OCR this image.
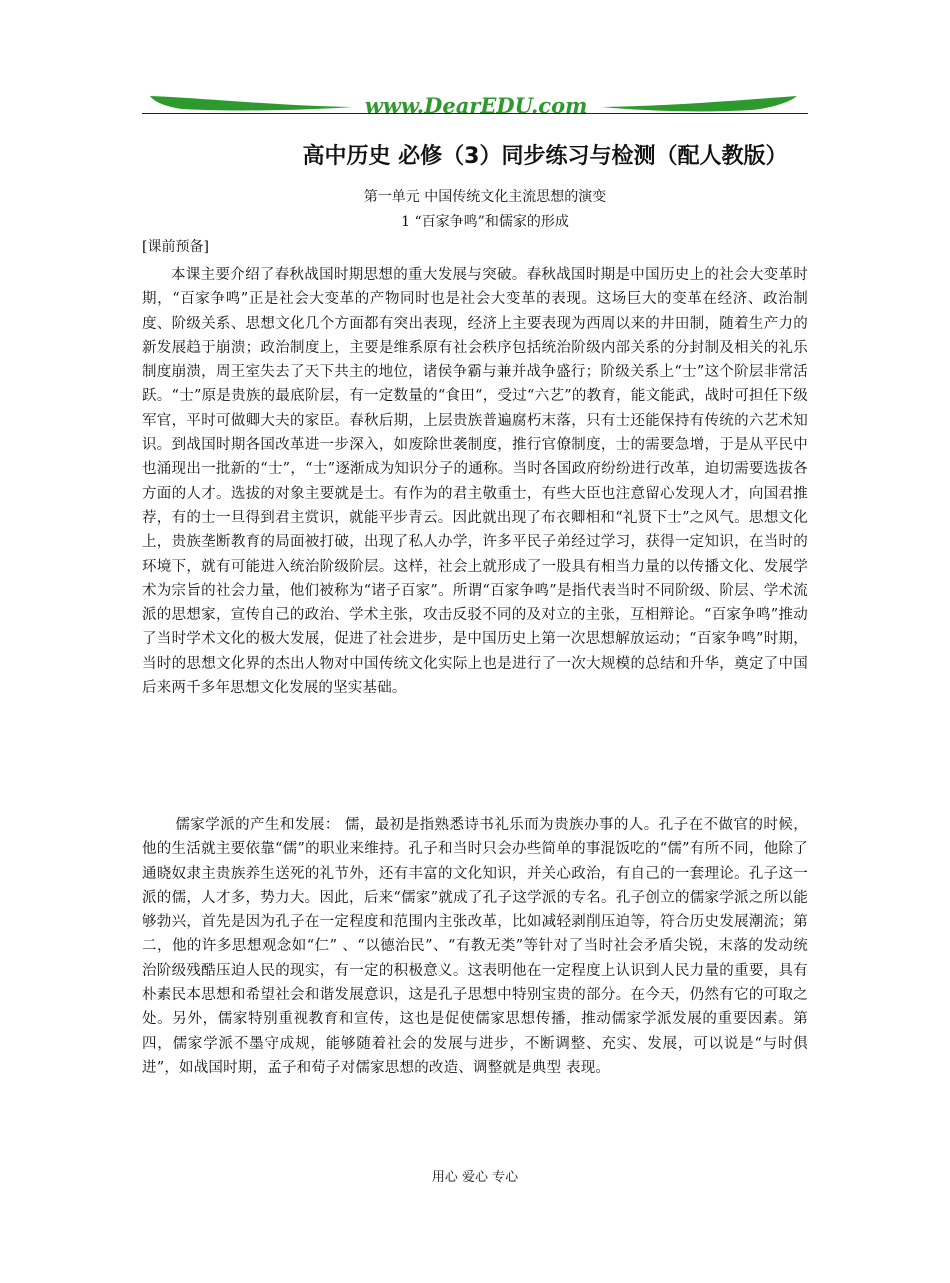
www.DearEDU.com
高中历史 必修（3）同步练习与检测（配人教版）
第一单元 中国传统文化主流思想的演变
1 “百家争鸣”和儒家的形成
[课前预备]

本课主要介绍了春秋战国时期思想的重大发展与突破。春秋战国时期是中国历史上的社会大变革时期，“百家争鸣”正是社会大变革的产物同时也是社会大变革的表现。这场巨大的变革在经济、政治制度、阶级关系、思想文化几个方面都有突出表现，经济上主要表现为西周以来的井田制，随着生产力的新发展趋于崩溃；政治制度上，主要是维系原有社会秩序包括统治阶级内部关系的分封制及相关的礼乐制度崩溃，周王室失去了天下共主的地位，诸侯争霸与兼并战争盛行；阶级关系上“士”这个阶层非常活跃。“士”原是贵族的最底阶层，有一定数量的“食田“，受过“六艺”的教育，能文能武，战时可担任下级军官，平时可做卿大夫的家臣。春秋后期，上层贵族普遍腐朽末落，只有士还能保持有传统的六艺术知识。到战国时期各国改革进一步深入，如废除世袭制度，推行官僚制度，士的需要急增，于是从平民中也涌现出一批新的“士”，“士”逐渐成为知识分子的通称。当时各国政府纷纷进行改革，迫切需要选拔各方面的人才。选拔的对象主要就是士。有作为的君主敬重士，有些大臣也注意留心发现人才，向国君推荐，有的士一旦得到君主赏识，就能平步青云。因此就出现了布衣卿相和“礼贤下士”之风气。思想文化上，贵族垄断教育的局面被打破，出现了私人办学，许多平民子弟经过学习，获得一定知识，在当时的环境下，就有可能进入统治阶级阶层。这样，社会上就形成了一股具有相当力量的以传播文化、发展学术为宗旨的社会力量，他们被称为“诸子百家”。所谓“百家争鸣”是指代表当时不同阶级、阶层、学术流派的思想家，宣传自己的政治、学术主张，攻击反驳不同的及对立的主张，互相辩论。“百家争鸣”推动了当时学术文化的极大发展，促进了社会进步，是中国历史上第一次思想解放运动；“百家争鸣”时期，当时的思想文化界的杰出人物对中国传统文化实际上也是进行了一次大规模的总结和升华，奠定了中国后来两千多年思想文化发展的坚实基础。

儒家学派的产生和发展： 儒，最初是指熟悉诗书礼乐而为贵族办事的人。孔子在不做官的时候，他的生活就主要依靠“儒”的职业来维持。孔子和当时只会办些简单的事混饭吃的“儒”有所不同，他除了通晓奴隶主贵族养生送死的礼节外，还有丰富的文化知识，并关心政治，有自己的一套理论。孔子这一派的儒，人才多，势力大。因此，后来“儒家”就成了孔子这学派的专名。孔子创立的儒家学派之所以能够勃兴，首先是因为孔子在一定程度和范围内主张改革，比如减轻剥削压迫等，符合历史发展潮流；第二，他的许多思想观念如“仁” 、“以德治民”、“有教无类”等针对了当时社会矛盾尖锐，末落的发动统治阶级残酷压迫人民的现实，有一定的积极意义。这表明他在一定程度上认识到人民力量的重要，具有朴素民本思想和希望社会和谐发展意识，这是孔子思想中特别宝贵的部分。在今天，仍然有它的可取之处。另外，儒家特别重视教育和宣传，这也是促使儒家思想传播，推动儒家学派发展的重要因素。第四，儒家学派不墨守成规，能够随着社会的发展与进步，不断调整、充实、发展，可以说是“与时俱进”，如战国时期，孟子和荀子对儒家思想的改造、调整就是典型 表现。

用心 爱心 专心
